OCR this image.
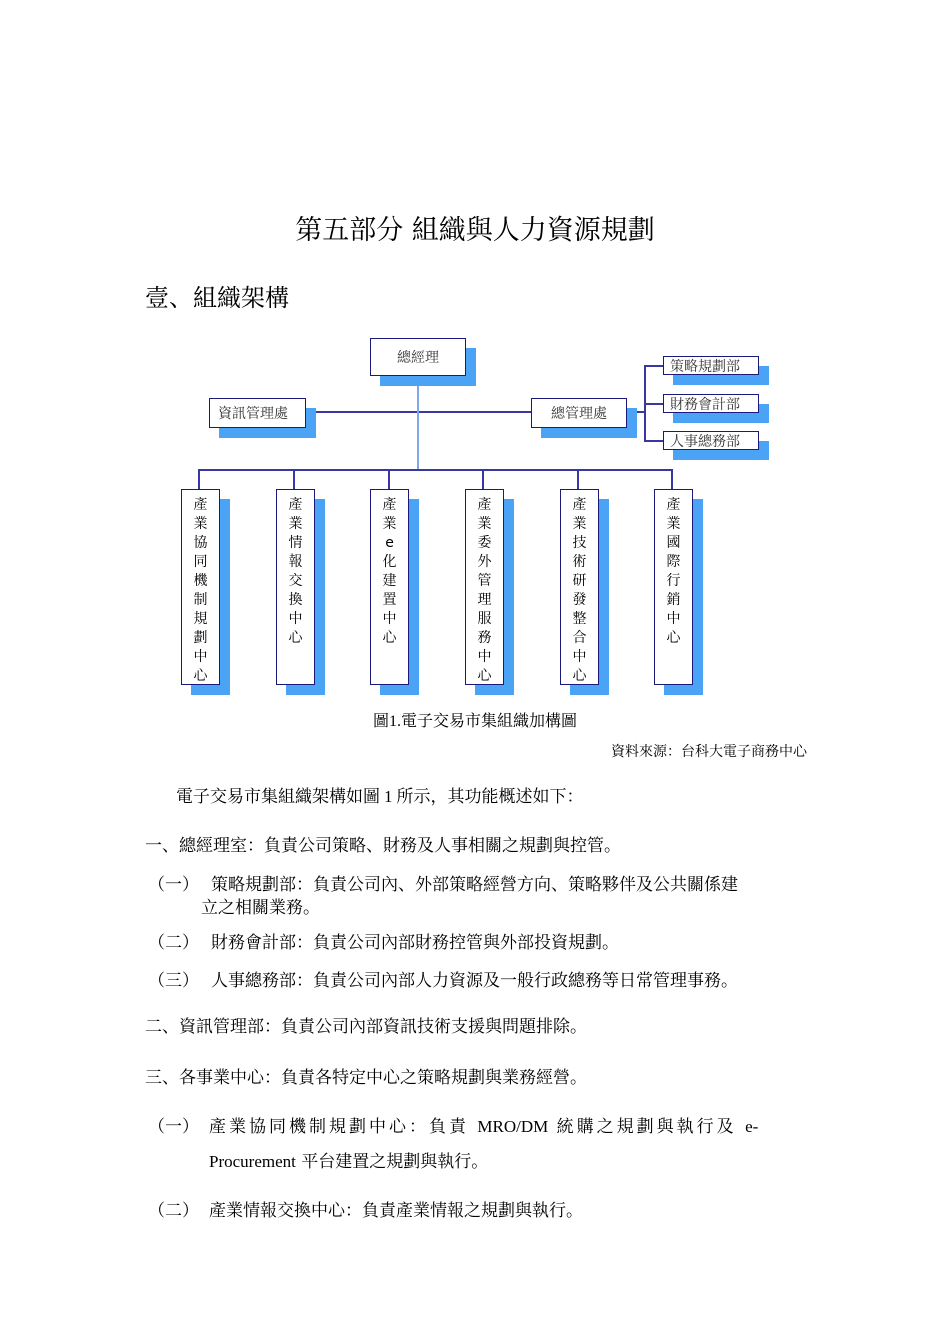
第五部分 組織與人力資源規劃
壹、組織架構
總經理
資訊管理處	總管理處
策略規劃部
財務會計部
人事總務部
產業協同機制規劃中心
產業情報交換中心
產業e化建置中心
產業委外管理服務中心
產業技術研發整合中心
產業國際行銷中心
圖1.電子交易市集組織加構圖
資料來源：台科大電子商務中心
電子交易市集組織架構如圖 1 所示，其功能概述如下：
一、總經理室：負責公司策略、財務及人事相關之規劃與控管。
（一） 策略規劃部：負責公司內、外部策略經營方向、策略夥伴及公共關係建
立之相關業務。
（二） 財務會計部：負責公司內部財務控管與外部投資規劃。
（三） 人事總務部：負責公司內部人力資源及一般行政總務等日常管理事務。
二、資訊管理部：負責公司內部資訊技術支援與問題排除。
三、各事業中心：負責各特定中心之策略規劃與業務經營。
（一） 產業協同機制規劃中心：負責 MRO/DM 統購之規劃與執行及 e-
Procurement 平台建置之規劃與執行。
（二） 產業情報交換中心：負責產業情報之規劃與執行。
